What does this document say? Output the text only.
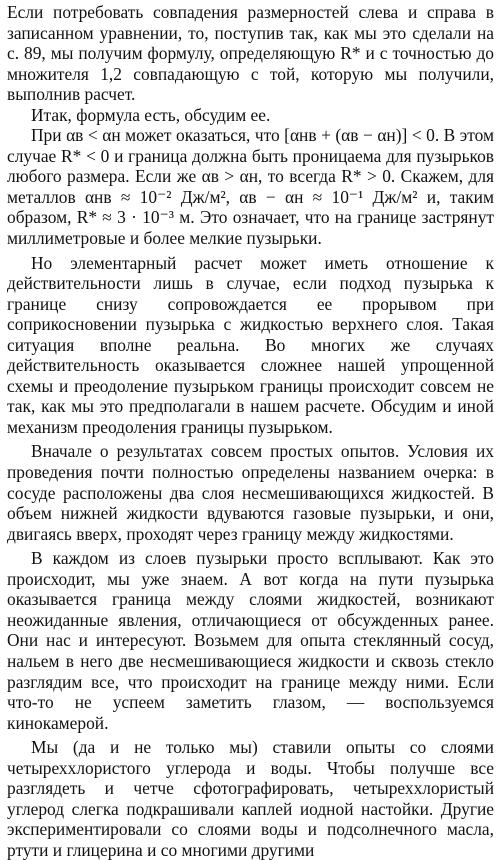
Если потребовать совпадения размерностей слева и справа в записанном уравнении, то, поступив так, как мы это сделали на с. 89, мы получим формулу, определяющую R* и с точностью до множителя 1,2 совпадающую с той, которую мы получили, выполнив расчет.

Итак, формула есть, обсудим ее.

При αв < αн может оказаться, что [αнв + (αв − αн)] < 0. В этом случае R* < 0 и граница должна быть проницаема для пузырьков любого размера. Если же αв > αн, то всегда R* > 0. Скажем, для металлов αнв ≈ 10⁻² Дж/м², αв − αн ≈ 10⁻¹ Дж/м² и, таким образом, R* ≈ 3 · 10⁻³ м. Это означает, что на границе застрянут миллиметровые и более мелкие пузырьки.

Но элементарный расчет может иметь отношение к действительности лишь в случае, если подход пузырька к границе снизу сопровождается ее прорывом при соприкосновении пузырька с жидкостью верхнего слоя. Такая ситуация вполне реальна. Во многих же случаях действительность оказывается сложнее нашей упрощенной схемы и преодоление пузырьком границы происходит совсем не так, как мы это предполагали в нашем расчете. Обсудим и иной механизм преодоления границы пузырьком.

Вначале о результатах совсем простых опытов. Условия их проведения почти полностью определены названием очерка: в сосуде расположены два слоя несмешивающихся жидкостей. В объем нижней жидкости вдуваются газовые пузырьки, и они, двигаясь вверх, проходят через границу между жидкостями.

В каждом из слоев пузырьки просто всплывают. Как это происходит, мы уже знаем. А вот когда на пути пузырька оказывается граница между слоями жидкостей, возникают неожиданные явления, отличающиеся от обсужденных ранее. Они нас и интересуют. Возьмем для опыта стеклянный сосуд, нальем в него две несмешивающиеся жидкости и сквозь стекло разглядим все, что происходит на границе между ними. Если что-то не успеем заметить глазом, — воспользуемся кинокамерой.

Мы (да и не только мы) ставили опыты со слоями четыреххлористого углерода и воды. Чтобы получше все разглядеть и четче сфотографировать, четыреххлористый углерод слегка подкрашивали каплей иодной настойки. Другие экспериментировали со слоями воды и подсолнечного масла, ртути и глицерина и со многими другими
